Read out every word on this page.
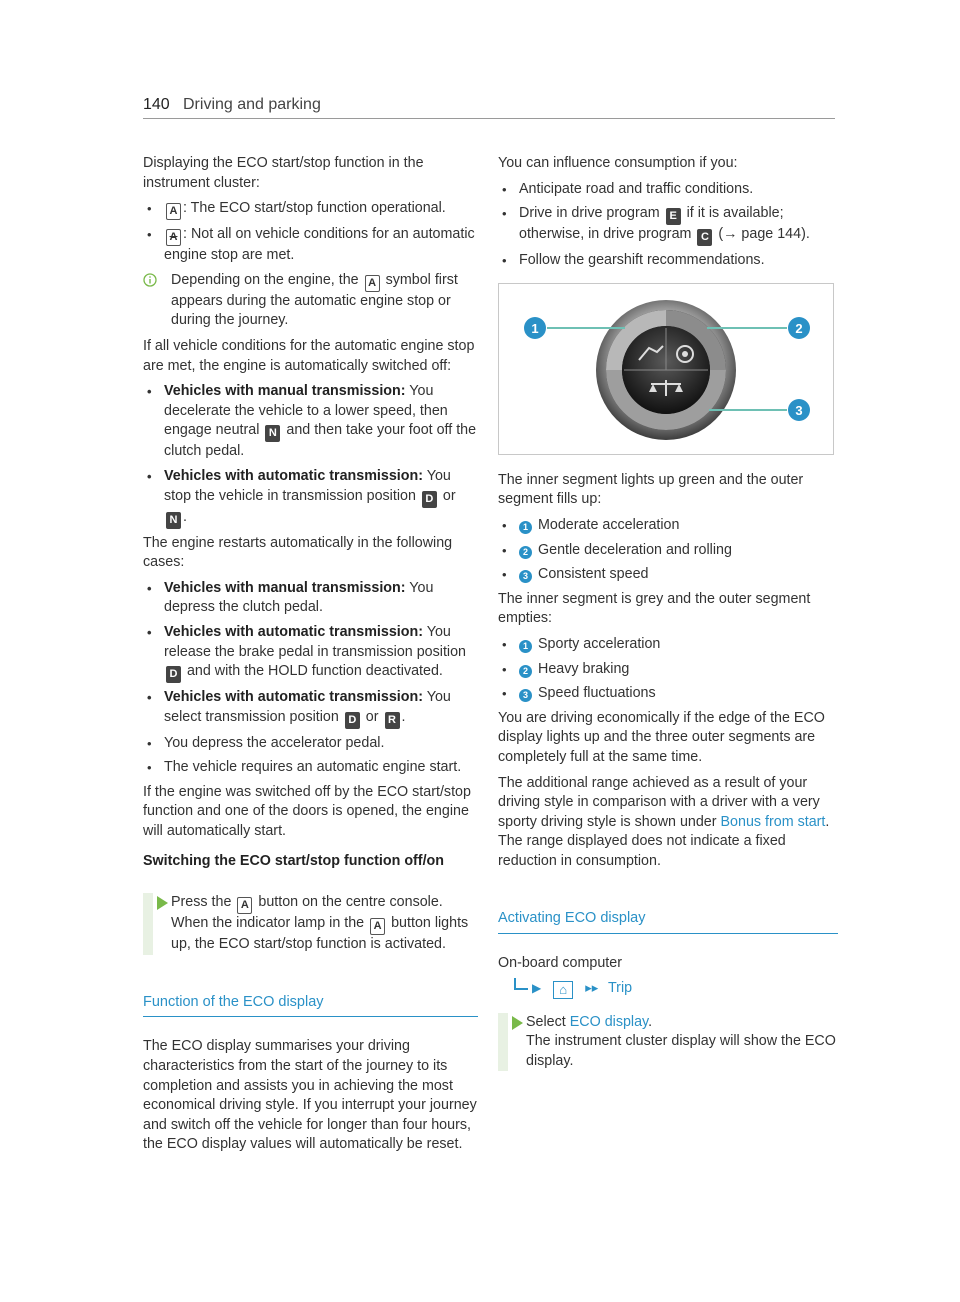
140 Driving and parking

Displaying the ECO start/stop function in the instrument cluster:

• A : The ECO start/stop function operational.
• A : Not all on vehicle conditions for an automatic engine stop are met.
Depending on the engine, the A symbol first appears during the automatic engine stop or during the journey.

If all vehicle conditions for the automatic engine stop are met, the engine is automatically switched off:

• Vehicles with manual transmission: You decelerate the vehicle to a lower speed, then engage neutral N and then take your foot off the clutch pedal.
• Vehicles with automatic transmission: You stop the vehicle in transmission position D or N .

The engine restarts automatically in the following cases:

• Vehicles with manual transmission: You depress the clutch pedal.
• Vehicles with automatic transmission: You release the brake pedal in transmission position D and with the HOLD function deactivated.
• Vehicles with automatic transmission: You select transmission position D or R .
• You depress the accelerator pedal.
• The vehicle requires an automatic engine start.

If the engine was switched off by the ECO start/stop function and one of the doors is opened, the engine will automatically start.

Switching the ECO start/stop function off/on
Press the A button on the centre console. When the indicator lamp in the A button lights up, the ECO start/stop function is activated.
Function of the ECO display

The ECO display summarises your driving characteristics from the start of the journey to its completion and assists you in achieving the most economical driving style. If you interrupt your journey and switch off the vehicle for longer than four hours, the ECO display values will automatically be reset.

You can influence consumption if you:

• Anticipate road and traffic conditions.
• Drive in drive program E if it is available; otherwise, in drive program C (→ page 144).
• Follow the gearshift recommendations.
1	2
3

The inner segment lights up green and the outer segment fills up:

• 1 Moderate acceleration
• 2 Gentle deceleration and rolling
• 3 Consistent speed

The inner segment is grey and the outer segment empties:

• 1 Sporty acceleration
• 2 Heavy braking
• 3 Speed fluctuations

You are driving economically if the edge of the ECO display lights up and the three outer segments are completely full at the same time.

The additional range achieved as a result of your driving style in comparison with a driver with a very sporty driving style is shown under Bonus from start. The range displayed does not indicate a fixed reduction in consumption.

Activating ECO display

On-board computer

▶ ⌂ ▸▸ Trip
Select ECO display.
The instrument cluster display will show the ECO display.
